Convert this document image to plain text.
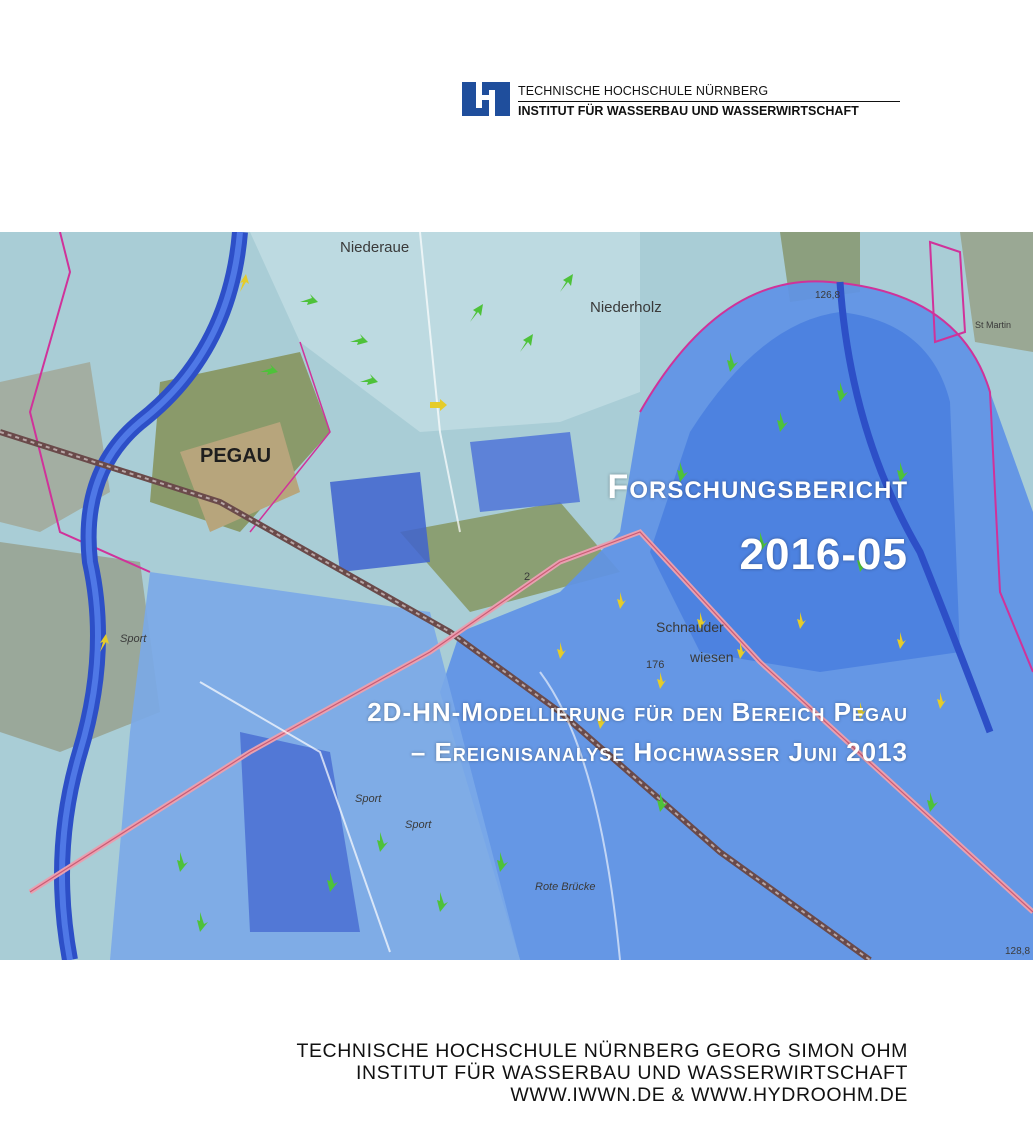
TECHNISCHE HOCHSCHULE NÜRNBERG
INSTITUT FÜR WASSERBAU UND WASSERWIRTSCHAFT
Niederaue
Niederholz
PEGAU
Schnauder
wiesen
Sport
Sport
Sport
Rote Brücke
2
176
126,8
128,8
St Martin
Forschungsbericht
2016-05
2D-HN-Modellierung für den Bereich Pegau
– Ereignisanalyse Hochwasser Juni 2013
TECHNISCHE HOCHSCHULE NÜRNBERG GEORG SIMON OHM
INSTITUT FÜR WASSERBAU UND WASSERWIRTSCHAFT
WWW.IWWN.DE & WWW.HYDROOHM.DE
